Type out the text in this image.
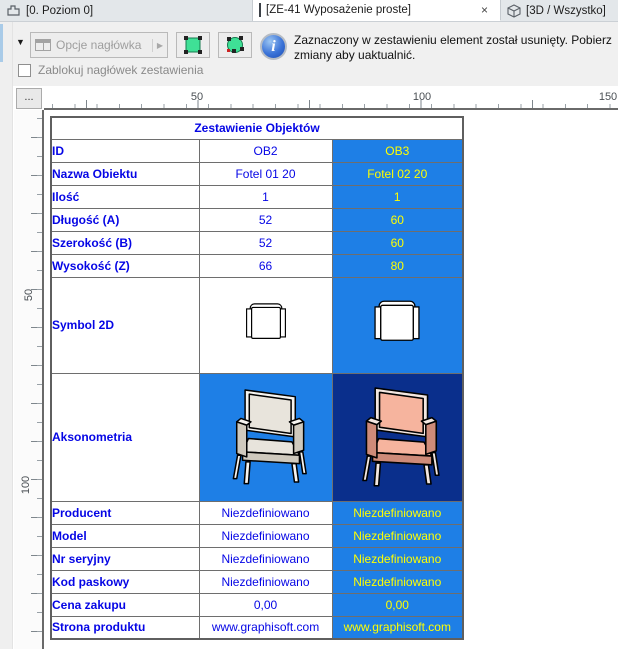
[0. Poziom 0]	[ZE-41 Wyposażenie proste]	×	[3D / Wszystko]
▼	Opcje nagłówka	▶	i	Zaznaczony w zestawieniu element został usunięty. Pobierz
zmiany aby uaktualnić.
Zablokuj nagłówek zestawienia
...	50	100	150
50
100
Zestawienie Objektów		
ID	OB2	OB3
Nazwa Obiektu	Fotel 01 20	Fotel 02 20
Ilość	1	1
Długość (A)	52	60
Szerokość (B)	52	60
Wysokość (Z)	66	80
Symbol 2D		
Aksonometria		
Producent	Niezdefiniowano	Niezdefiniowano
Model	Niezdefiniowano	Niezdefiniowano
Nr seryjny	Niezdefiniowano	Niezdefiniowano
Kod paskowy	Niezdefiniowano	Niezdefiniowano
Cena zakupu	0,00	0,00
Strona produktu	www.graphisoft.com	www.graphisoft.com
